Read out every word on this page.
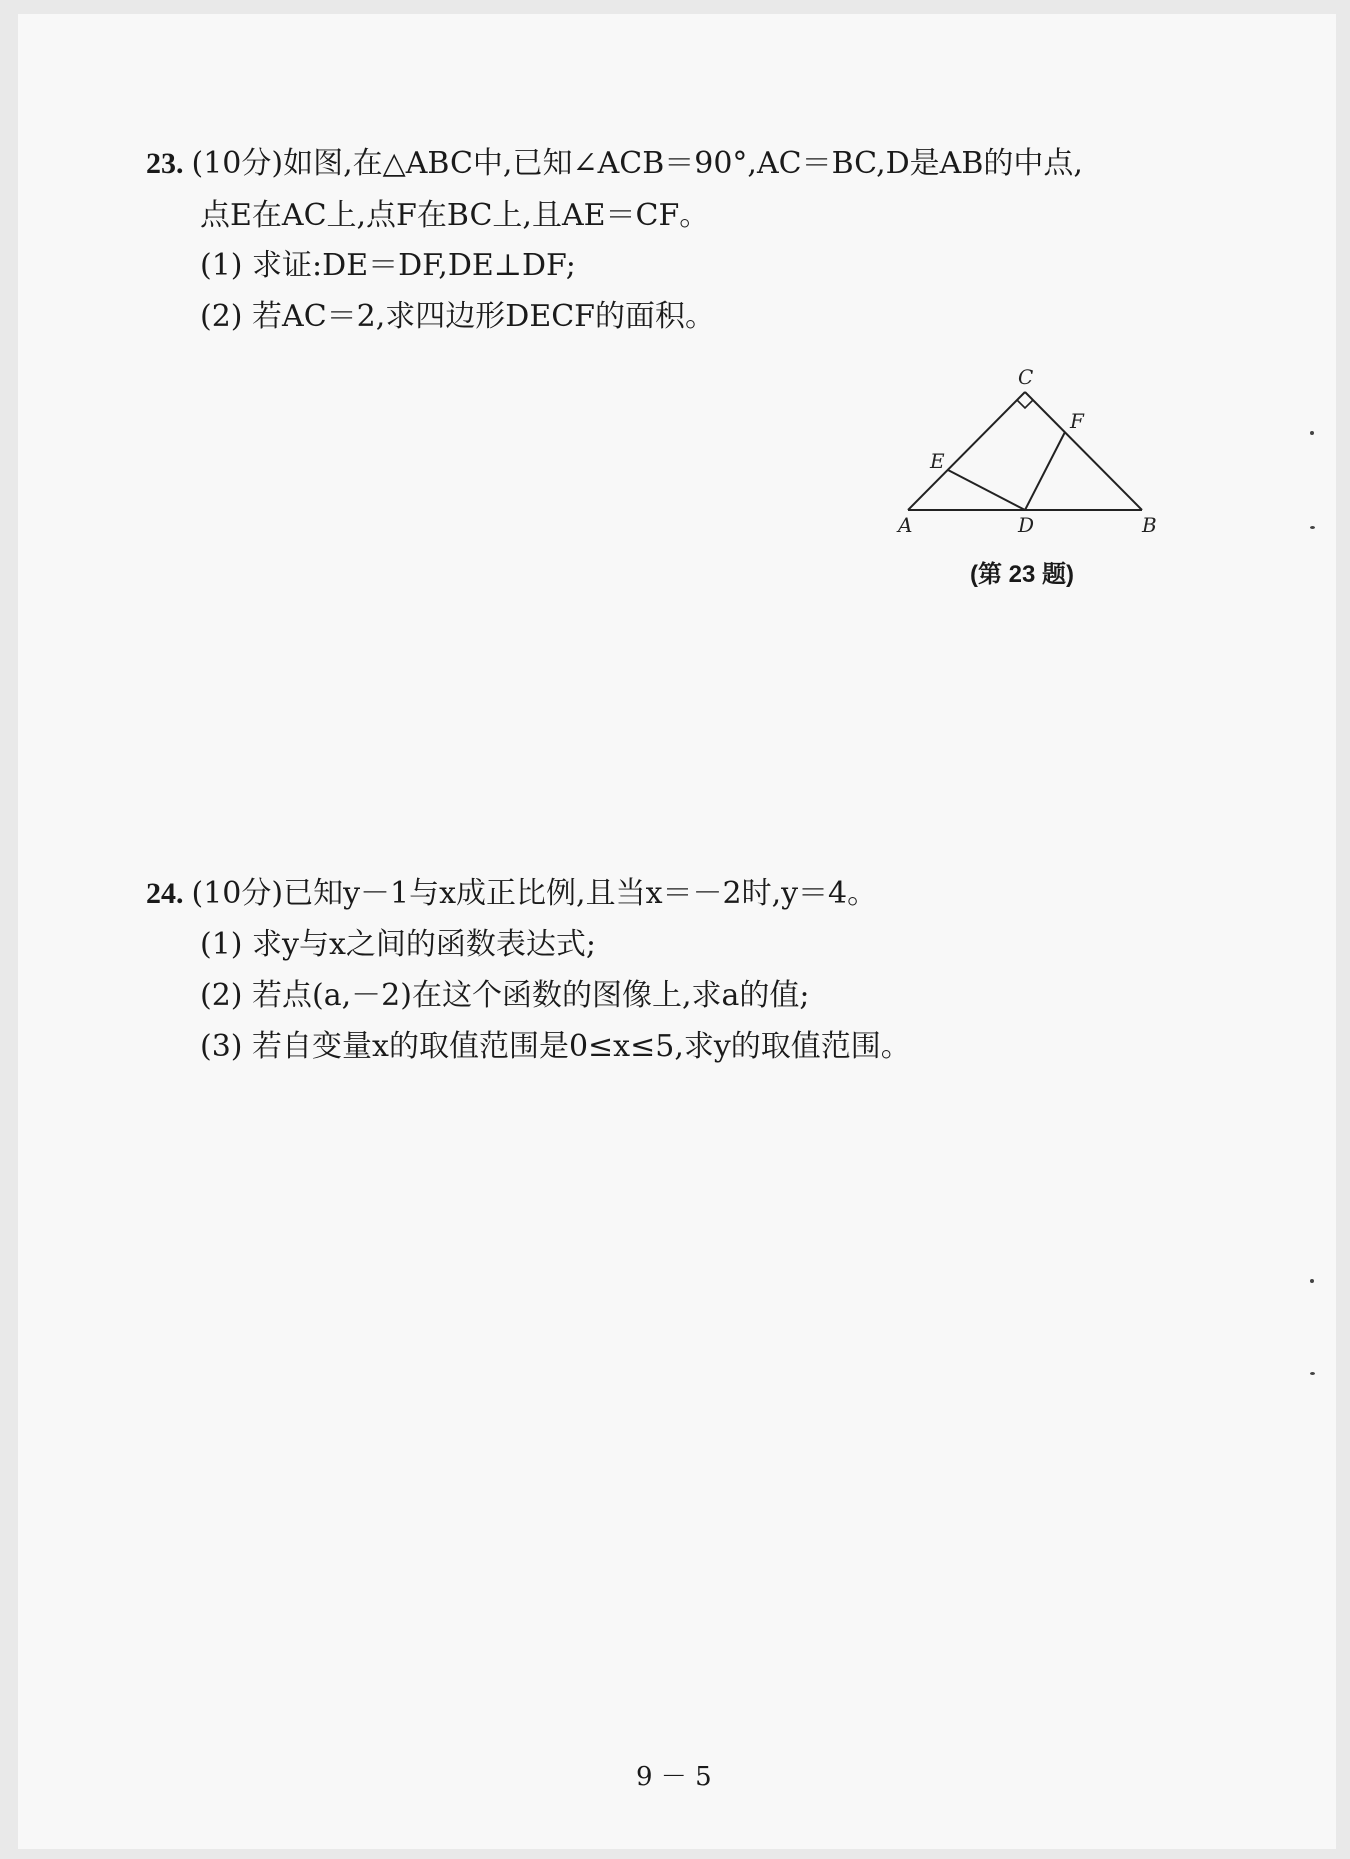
23. (10分)如图,在△ABC中,已知∠ACB＝90°,AC＝BC,D是AB的中点,
点E在AC上,点F在BC上,且AE＝CF。
(1) 求证:DE＝DF,DE⊥DF;
(2) 若AC＝2,求四边形DECF的面积。
C
F
E
A	D	B
(第 23 题)
24. (10分)已知y－1与x成正比例,且当x＝－2时,y＝4。
(1) 求y与x之间的函数表达式;
(2) 若点(a,－2)在这个函数的图像上,求a的值;
(3) 若自变量x的取值范围是0≤x≤5,求y的取值范围。
9 － 5
